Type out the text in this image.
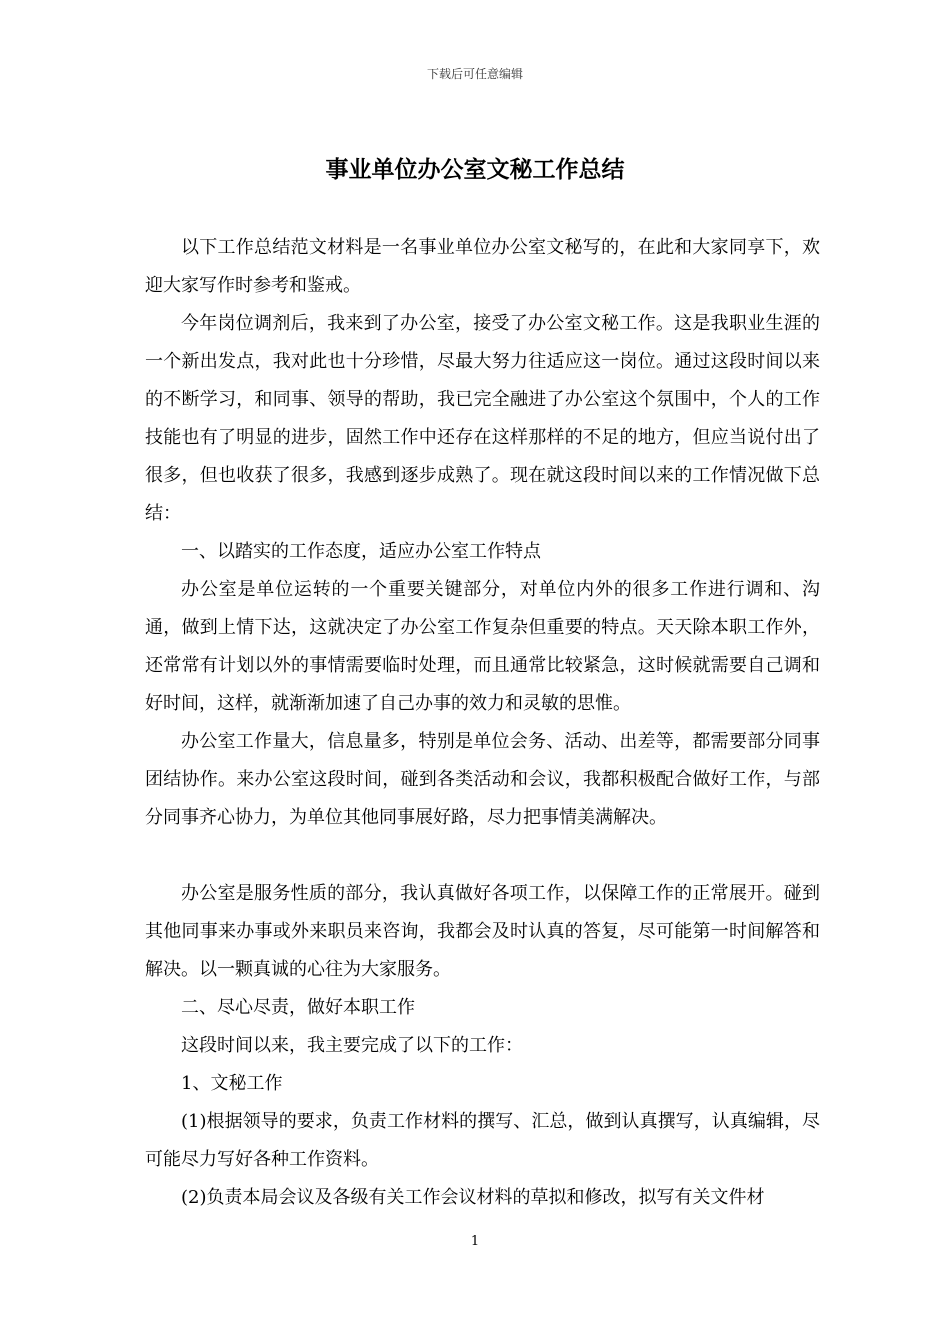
下载后可任意编辑
事业单位办公室文秘工作总结

以下工作总结范文材料是一名事业单位办公室文秘写的，在此和大家同享下，欢迎大家写作时参考和鉴戒。

今年岗位调剂后，我来到了办公室，接受了办公室文秘工作。这是我职业生涯的一个新出发点，我对此也十分珍惜，尽最大努力往适应这一岗位。通过这段时间以来的不断学习，和同事、领导的帮助，我已完全融进了办公室这个氛围中，个人的工作技能也有了明显的进步，固然工作中还存在这样那样的不足的地方，但应当说付出了很多，但也收获了很多，我感到逐步成熟了。现在就这段时间以来的工作情况做下总结：

一、以踏实的工作态度，适应办公室工作特点

办公室是单位运转的一个重要关键部分，对单位内外的很多工作进行调和、沟通，做到上情下达，这就决定了办公室工作复杂但重要的特点。天天除本职工作外，还常常有计划以外的事情需要临时处理，而且通常比较紧急，这时候就需要自己调和好时间，这样，就渐渐加速了自己办事的效力和灵敏的思惟。

办公室工作量大，信息量多，特别是单位会务、活动、出差等，都需要部分同事团结协作。来办公室这段时间，碰到各类活动和会议，我都积极配合做好工作，与部分同事齐心协力，为单位其他同事展好路，尽力把事情美满解决。

办公室是服务性质的部分，我认真做好各项工作，以保障工作的正常展开。碰到其他同事来办事或外来职员来咨询，我都会及时认真的答复，尽可能第一时间解答和解决。以一颗真诚的心往为大家服务。

二、尽心尽责，做好本职工作

这段时间以来，我主要完成了以下的工作：

1、文秘工作

(1)根据领导的要求，负责工作材料的撰写、汇总，做到认真撰写，认真编辑，尽可能尽力写好各种工作资料。

(2)负责本局会议及各级有关工作会议材料的草拟和修改，拟写有关文件材

1
